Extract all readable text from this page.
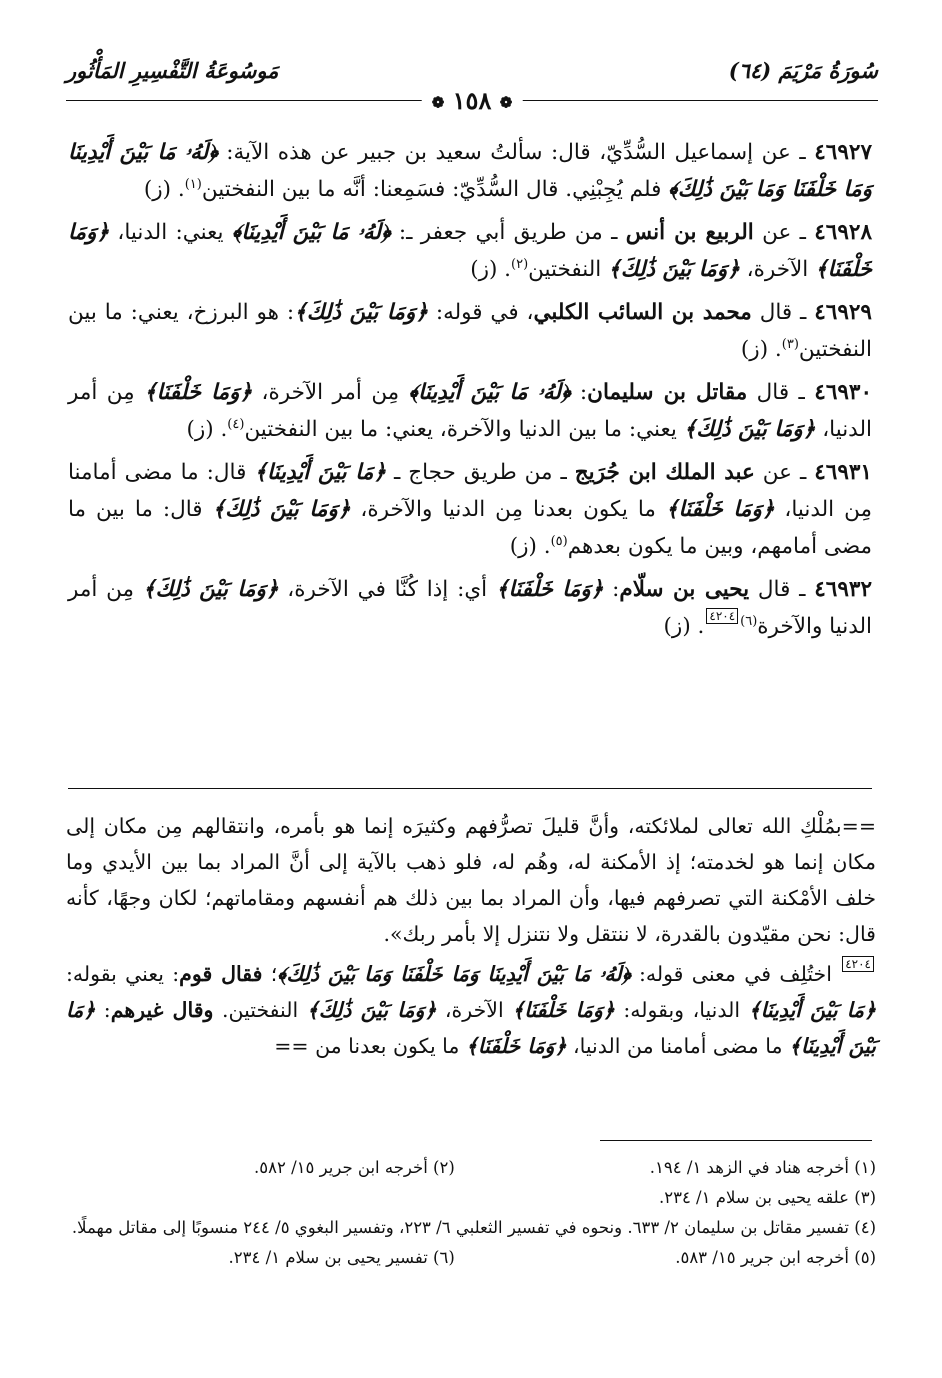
سُورَةُ مَرْيَمَ (٦٤)
مَوسُوعَةُ التَّفْسِيرِ المَأْثُور
❁ ١٥٨ ❁

٤٦٩٢٧ ـ عن إسماعيل السُّدِّيّ، قال: سألتُ سعيد بن جبير عن هذه الآية: ﴿لَهُۥ مَا بَيْنَ أَيْدِينَا وَمَا خَلْفَنَا وَمَا بَيْنَ ذَٰلِكَ﴾ فلم يُجِبْنِي. قال السُّدِّيّ: فسَمِعنا: أنَّه ما بين النفختين$^{(١)}$. (ز)

٤٦٩٢٨ ـ عن الربيع بن أنس ـ من طريق أبي جعفر ـ: ﴿لَهُۥ مَا بَيْنَ أَيْدِينَا﴾ يعني: الدنيا، ﴿وَمَا خَلْفَنَا﴾ الآخرة، ﴿وَمَا بَيْنَ ذَٰلِكَ﴾ النفختين$^{(٢)}$. (ز)

٤٦٩٢٩ ـ قال محمد بن السائب الكلبي، في قوله: ﴿وَمَا بَيْنَ ذَٰلِكَ﴾: هو البرزخ، يعني: ما بين النفختين$^{(٣)}$. (ز)

٤٦٩٣٠ ـ قال مقاتل بن سليمان: ﴿لَهُۥ مَا بَيْنَ أَيْدِينَا﴾ مِن أمر الآخرة، ﴿وَمَا خَلْفَنَا﴾ مِن أمر الدنيا، ﴿وَمَا بَيْنَ ذَٰلِكَ﴾ يعني: ما بين الدنيا والآخرة، يعني: ما بين النفختين$^{(٤)}$. (ز)

٤٦٩٣١ ـ عن عبد الملك ابن جُرَيج ـ من طريق حجاج ـ ﴿مَا بَيْنَ أَيْدِينَا﴾ قال: ما مضى أمامنا مِن الدنيا، ﴿وَمَا خَلْفَنَا﴾ ما يكون بعدنا مِن الدنيا والآخرة، ﴿وَمَا بَيْنَ ذَٰلِكَ﴾ قال: ما بين ما مضى أمامهم، وبين ما يكون بعدهم$^{(٥)}$. (ز)

٤٦٩٣٢ ـ قال يحيى بن سلّام: ﴿وَمَا خَلْفَنَا﴾ أي: إذا كُنَّا في الآخرة، ﴿وَمَا بَيْنَ ذَٰلِكَ﴾ مِن أمر الدنيا والآخرة$^{(٦)}$٤٢٠٤. (ز)

==بمُلْكِ الله تعالى لملائكته، وأنَّ قليلَ تصرُّفهم وكثيرَه إنما هو بأمره، وانتقالهم مِن مكان إلى مكان إنما هو لخدمته؛ إذ الأمكنة له، وهُم له، فلو ذهب بالآية إلى أنَّ المراد بما بين الأيدي وما خلف الأمْكنة التي تصرفهم فيها، وأن المراد بما بين ذلك هم أنفسهم ومقاماتهم؛ لكان وجهًا، كأنه قال: نحن مقيّدون بالقدرة، لا ننتقل ولا نتنزل إلا بأمر ربك».

٤٢٠٤ اختُلِف في معنى قوله: ﴿لَهُۥ مَا بَيْنَ أَيْدِينَا وَمَا خَلْفَنَا وَمَا بَيْنَ ذَٰلِكَ﴾؛ فقال قوم: يعني بقوله: ﴿مَا بَيْنَ أَيْدِينَا﴾ الدنيا، وبقوله: ﴿وَمَا خَلْفَنَا﴾ الآخرة، ﴿وَمَا بَيْنَ ذَٰلِكَ﴾ النفختين. وقال غيرهم: ﴿مَا بَيْنَ أَيْدِينَا﴾ ما مضى أمامنا من الدنيا، ﴿وَمَا خَلْفَنَا﴾ ما يكون بعدنا من ==

(١) أخرجه هناد في الزهد ١/ ١٩٤.
(٢) أخرجه ابن جرير ١٥/ ٥٨٢.
(٣) علقه يحيى بن سلام ١/ ٢٣٤.
(٤) تفسير مقاتل بن سليمان ٢/ ٦٣٣. ونحوه في تفسير الثعلبي ٦/ ٢٢٣، وتفسير البغوي ٥/ ٢٤٤ منسوبًا إلى مقاتل مهملًا.
(٥) أخرجه ابن جرير ١٥/ ٥٨٣.
(٦) تفسير يحيى بن سلام ١/ ٢٣٤.
